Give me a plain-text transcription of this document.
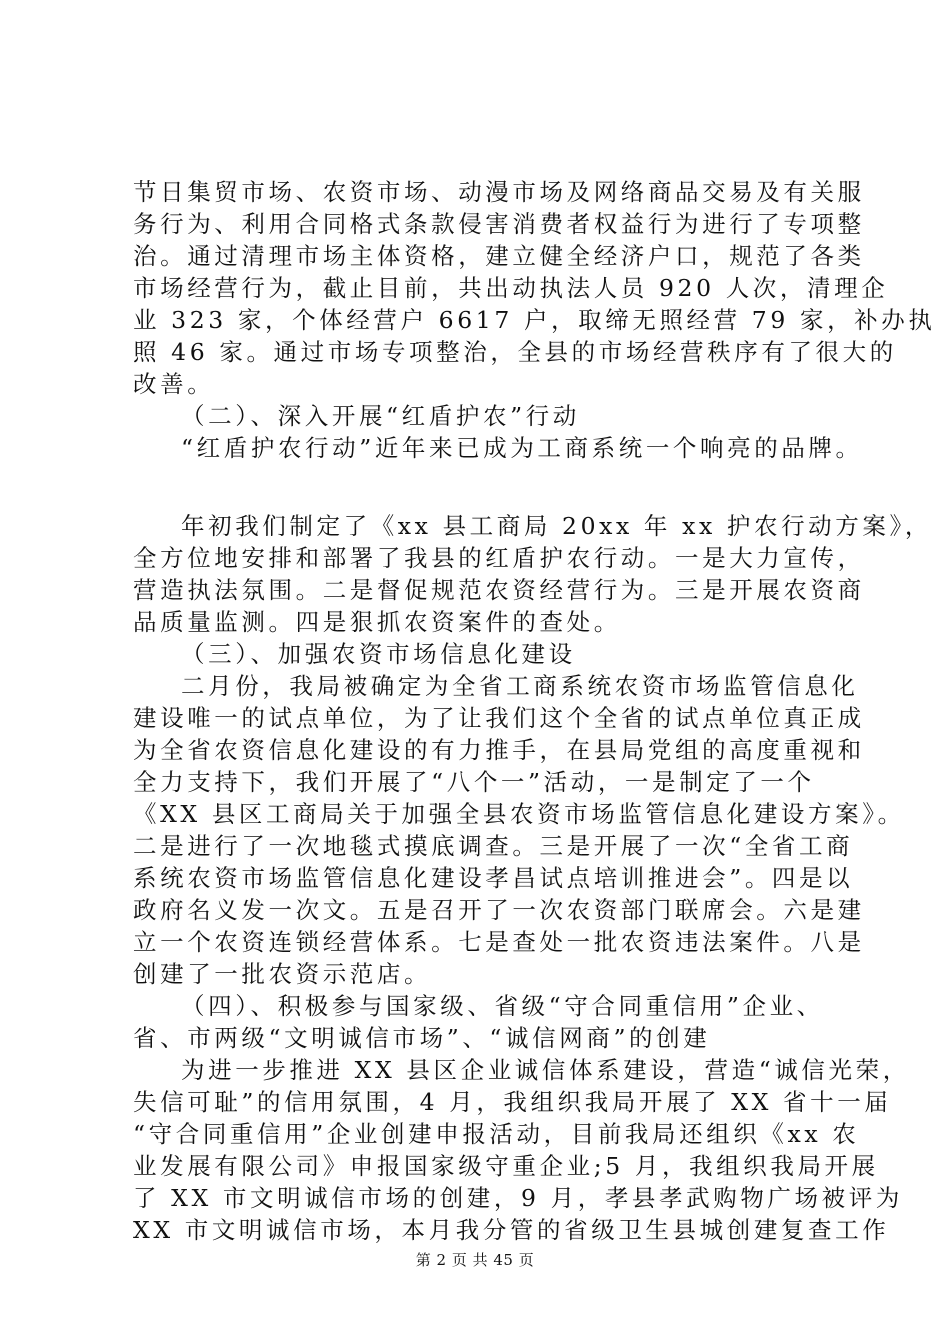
节日集贸市场、农资市场、动漫市场及网络商品交易及有关服
务行为、利用合同格式条款侵害消费者权益行为进行了专项整
治。通过清理市场主体资格，建立健全经济户口，规范了各类
市场经营行为，截止目前，共出动执法人员 920 人次，清理企
业 323 家，个体经营户 6617 户，取缔无照经营 79 家，补办执
照 46 家。通过市场专项整治，全县的市场经营秩序有了很大的
改善。
（二）、深入开展“红盾护农”行动
“红盾护农行动”近年来已成为工商系统一个响亮的品牌。
年初我们制定了《xx 县工商局 20xx 年 xx 护农行动方案》，
全方位地安排和部署了我县的红盾护农行动。一是大力宣传，
营造执法氛围。二是督促规范农资经营行为。三是开展农资商
品质量监测。四是狠抓农资案件的查处。
（三）、加强农资市场信息化建设
二月份，我局被确定为全省工商系统农资市场监管信息化
建设唯一的试点单位，为了让我们这个全省的试点单位真正成
为全省农资信息化建设的有力推手，在县局党组的高度重视和
全力支持下，我们开展了“八个一”活动，一是制定了一个
《XX 县区工商局关于加强全县农资市场监管信息化建设方案》。
二是进行了一次地毯式摸底调查。三是开展了一次“全省工商
系统农资市场监管信息化建设孝昌试点培训推进会”。四是以
政府名义发一次文。五是召开了一次农资部门联席会。六是建
立一个农资连锁经营体系。七是查处一批农资违法案件。八是
创建了一批农资示范店。
（四）、积极参与国家级、省级“守合同重信用”企业、
省、市两级“文明诚信市场”、“诚信网商”的创建
为进一步推进 XX 县区企业诚信体系建设，营造“诚信光荣，
失信可耻”的信用氛围，4 月，我组织我局开展了 XX 省十一届
“守合同重信用”企业创建申报活动，目前我局还组织《xx 农
业发展有限公司》申报国家级守重企业;5 月，我组织我局开展
了 XX 市文明诚信市场的创建，9 月，孝县孝武购物广场被评为
XX 市文明诚信市场，本月我分管的省级卫生县城创建复查工作
第 2 页 共 45 页
